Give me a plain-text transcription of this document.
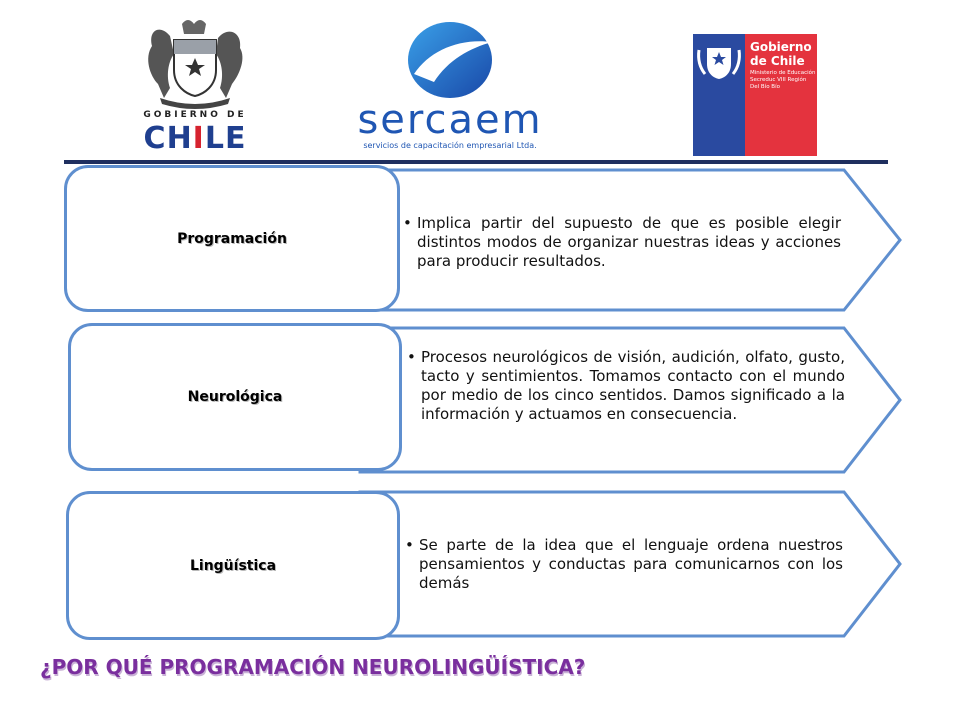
GOBIERNO DE
CHILE	sercaem
servicios de capacitación empresarial Ltda.
Gobierno
de Chile
Ministerio de Educación
Secreduc VIII Región
Del Bío Bío
Programación
• Implica partir del supuesto de que es posible elegir distintos modos de organizar nuestras ideas y acciones para producir resultados.
Neurológica
• Procesos neurológicos de visión, audición, olfato, gusto, tacto y sentimientos. Tomamos contacto con el mundo por medio de los cinco sentidos. Damos significado a la información y actuamos en consecuencia.
Lingüística
• Se parte de la idea que el lenguaje ordena nuestros pensamientos y conductas para comunicarnos con los demás
¿POR QUÉ PROGRAMACIÓN NEUROLINGÜÍSTICA?
